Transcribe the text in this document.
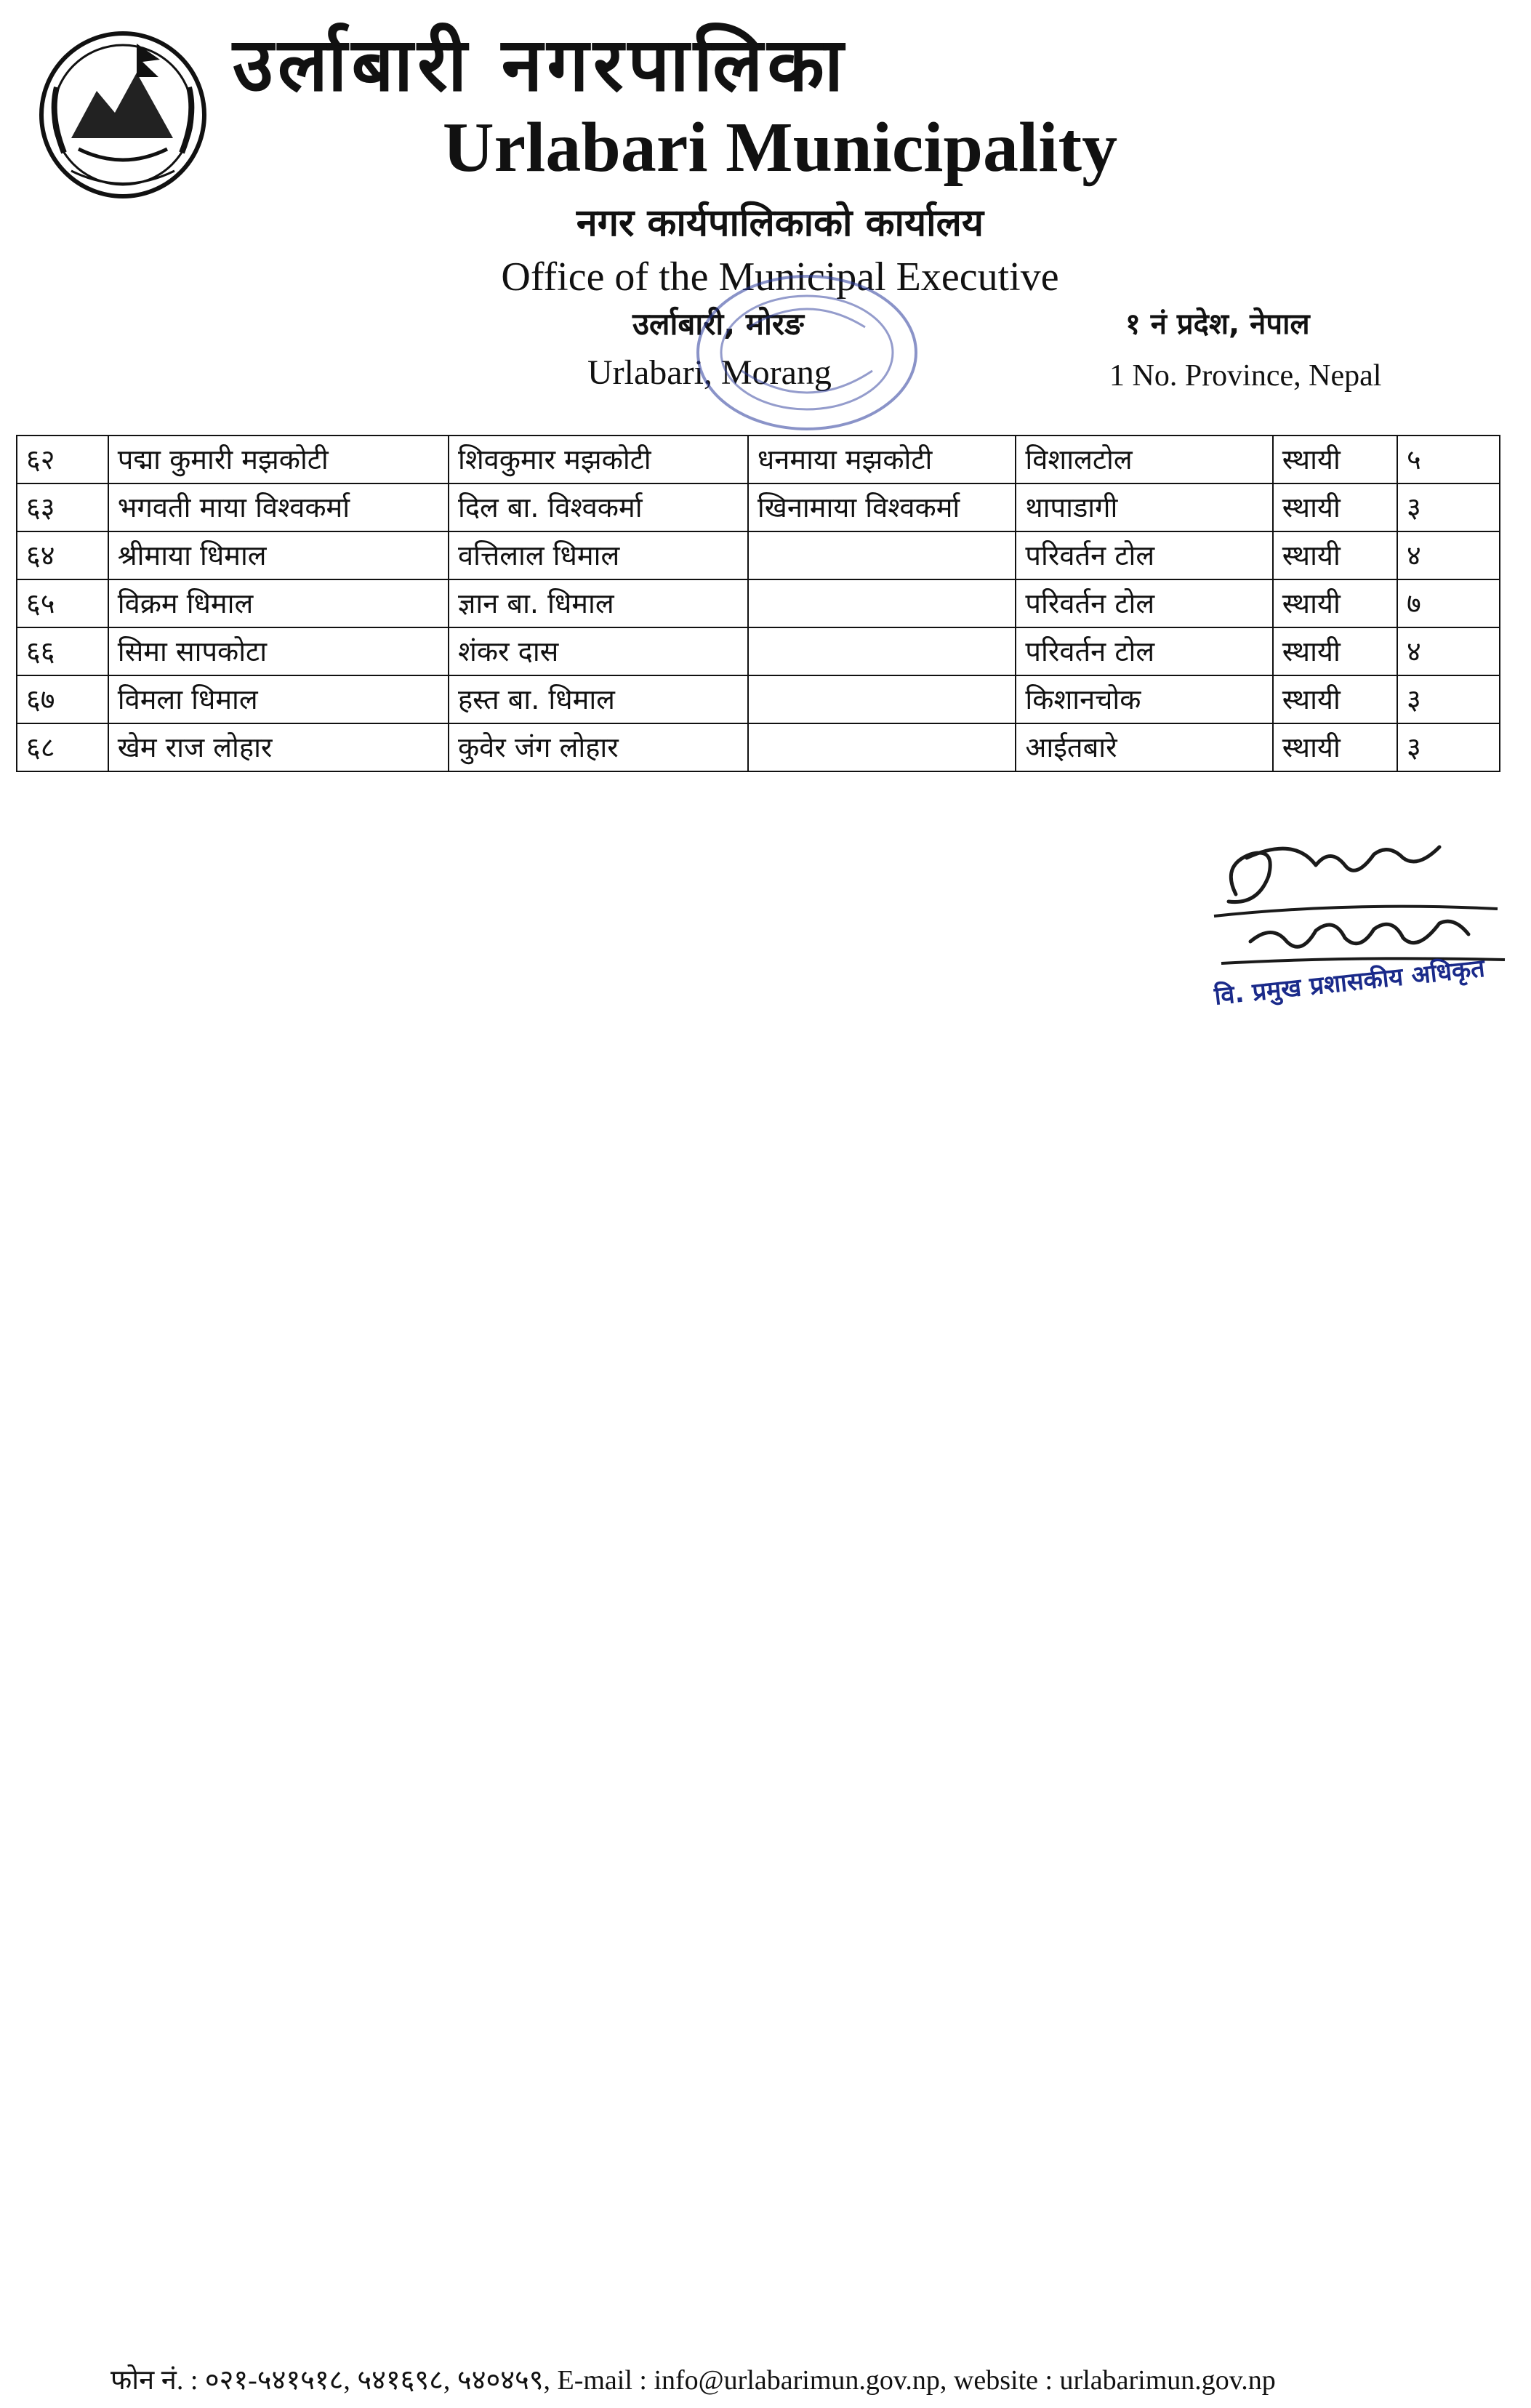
उर्लाबारी नगरपालिका
Urlabari Municipality
नगर कार्यपालिकाको कार्यालय
Office of the Municipal Executive
उर्लाबारी, मोरङ
Urlabari, Morang
१ नं प्रदेश, नेपाल
1 No. Province, Nepal
६२	पद्मा कुमारी मझकोटी	शिवकुमार मझकोटी	धनमाया मझकोटी	विशालटोल	स्थायी	५
६३	भगवती माया विश्वकर्मा	दिल बा. विश्वकर्मा	खिनामाया विश्वकर्मा	थापाडागी	स्थायी	३
६४	श्रीमाया धिमाल	वत्तिलाल धिमाल		परिवर्तन टोल	स्थायी	४
६५	विक्रम धिमाल	ज्ञान बा. धिमाल		परिवर्तन टोल	स्थायी	७
६६	सिमा सापकोटा	शंकर दास		परिवर्तन टोल	स्थायी	४
६७	विमला धिमाल	हस्त बा. धिमाल		किशानचोक	स्थायी	३
६८	खेम राज लोहार	कुवेर जंग लोहार		आईतबारे	स्थायी	३
वि. प्रमुख प्रशासकीय अधिकृत
फोन नं. : ०२१-५४१५१८, ५४१६९८, ५४०४५९, E-mail : info@urlabarimun.gov.np, website : urlabarimun.gov.np
